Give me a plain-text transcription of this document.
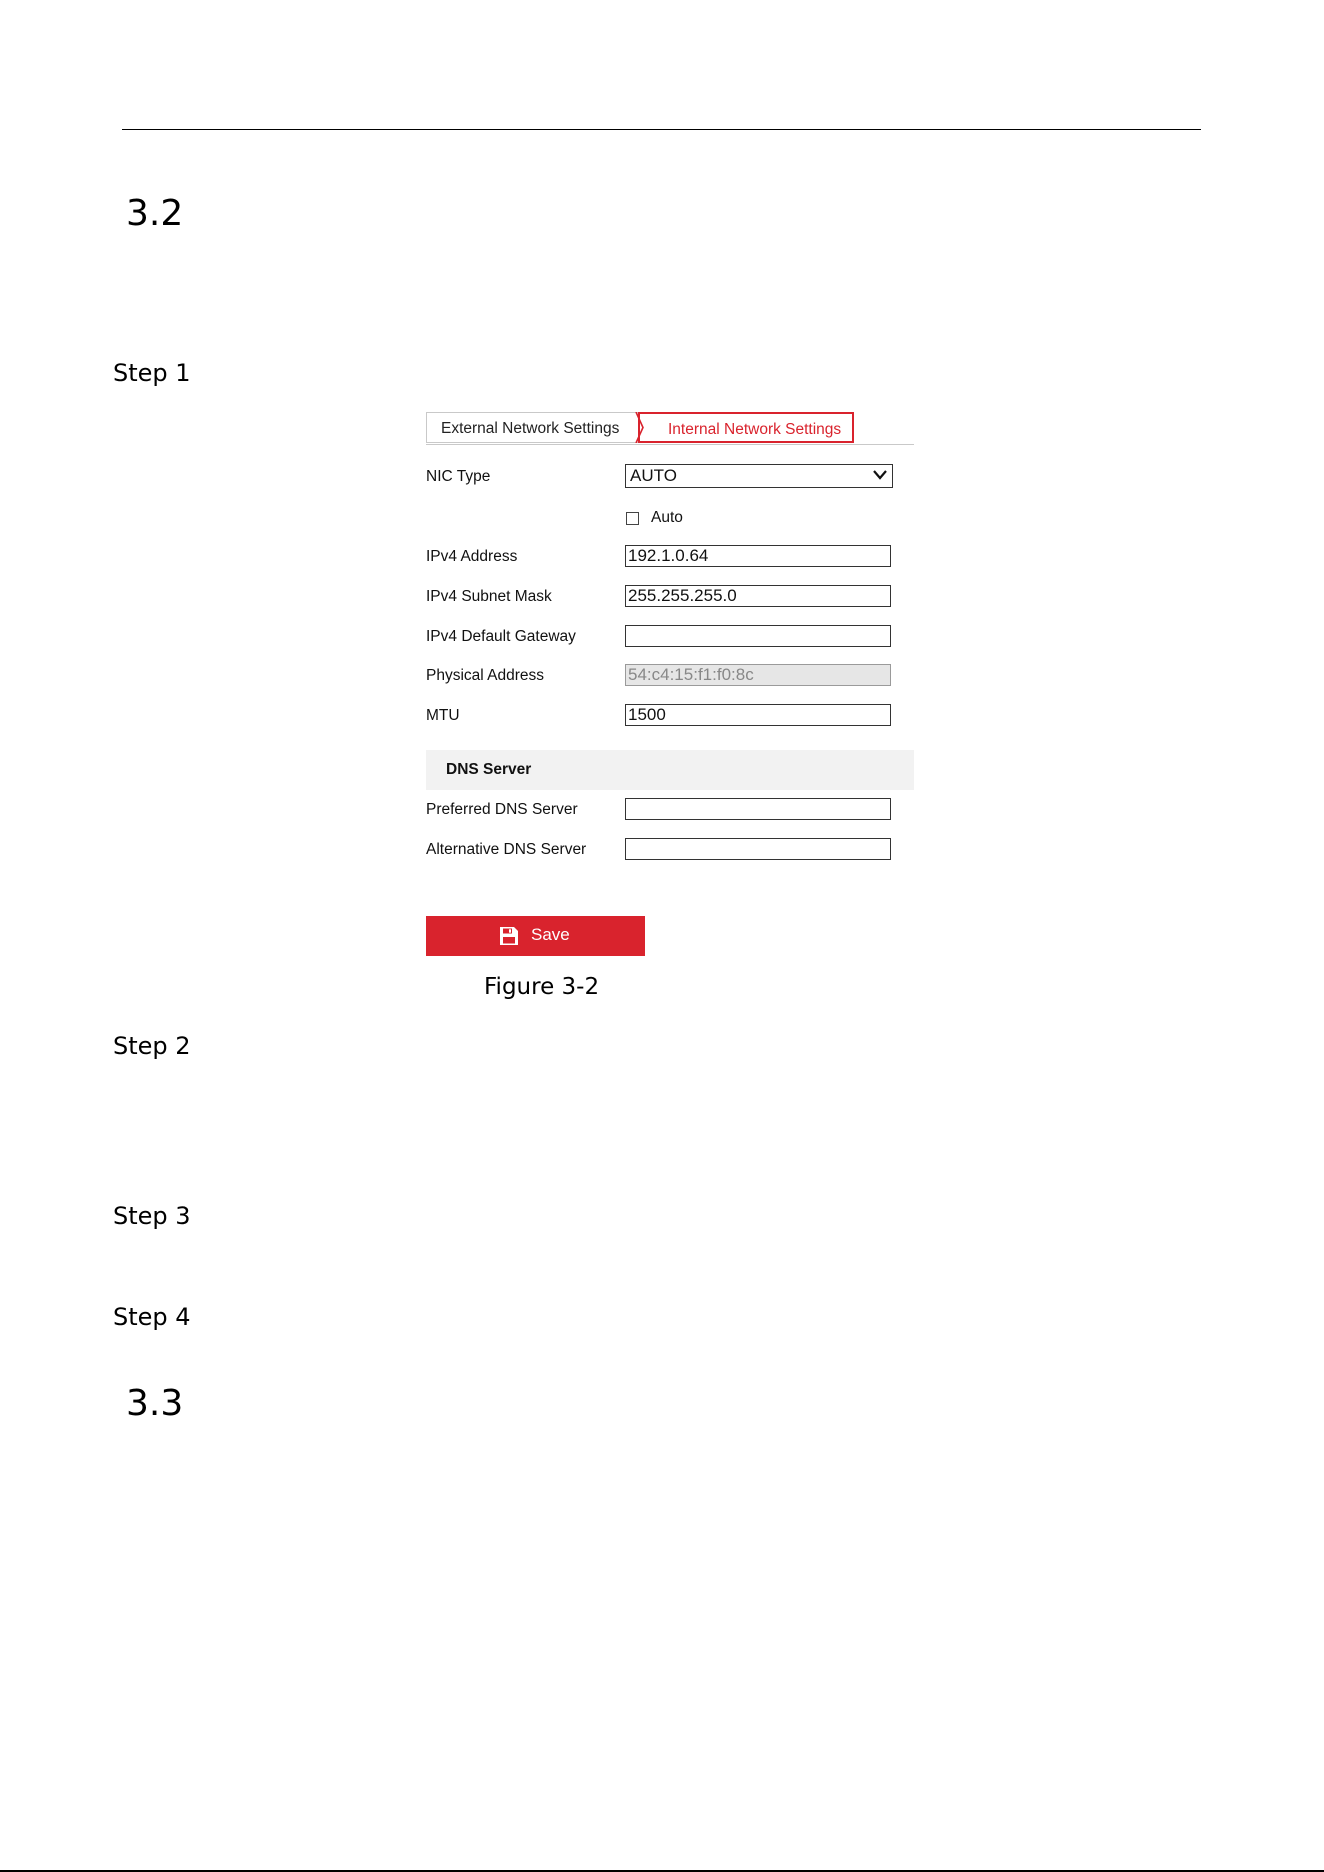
3.2
Step 1
External Network Settings	Internal Network Settings
NIC Type	AUTO
Auto
IPv4 Address	192.1.0.64
IPv4 Subnet Mask	255.255.255.0
IPv4 Default Gateway
Physical Address	54:c4:15:f1:f0:8c
MTU	1500
DNS Server
Preferred DNS Server
Alternative DNS Server
Save
Figure 3-2
Step 2
Step 3
Step 4
3.3
